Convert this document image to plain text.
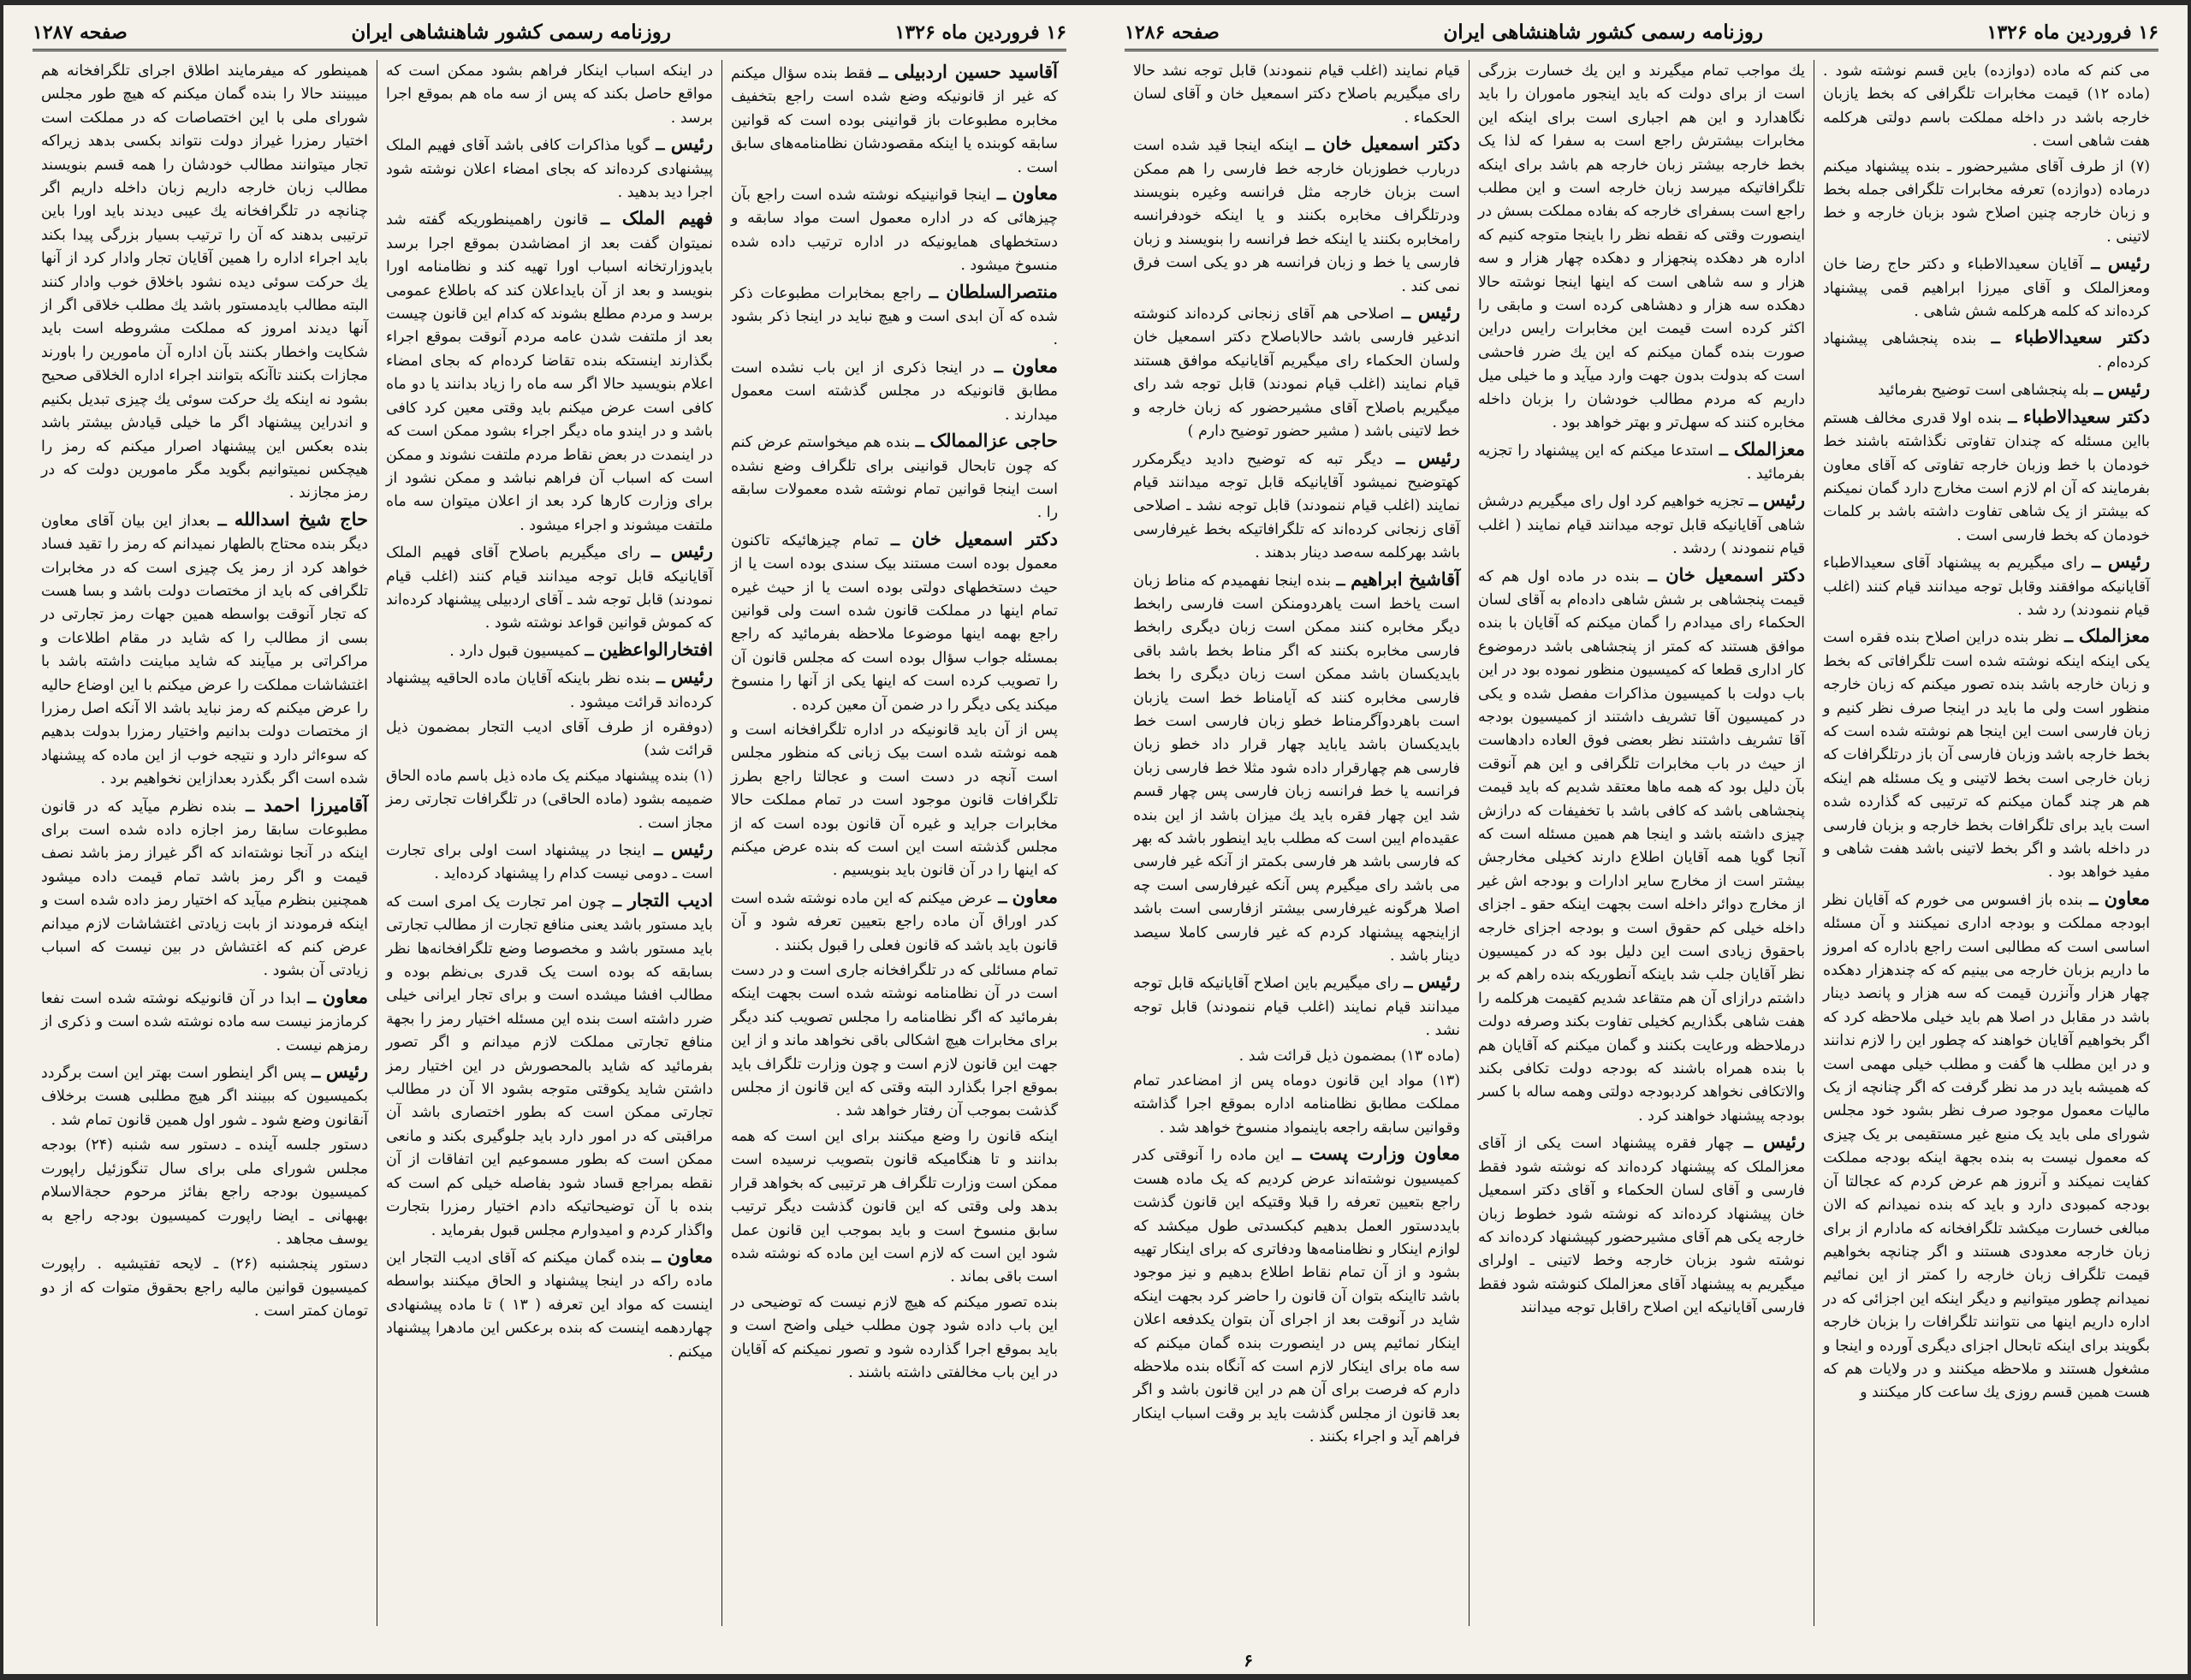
صفحه ۱۲۸۶	روزنامه رسمی کشور شاهنشاهی ایران	۱۶ فروردین ماه ۱۳۲۶

می کنم که ماده (دوازده) باین قسم نوشته شود . (ماده ۱۲) قیمت مخابرات تلگرافی که بخط یازبان خارجه باشد در داخله مملکت باسم دولتی هرکلمه هفت شاهی است .

(۷) از طرف آقای مشیرحضور ـ بنده پیشنهاد میکنم درماده (دوازده) تعرفه مخابرات تلگرافی جمله بخط و زبان خارجه چنین اصلاح شود بزبان خارجه و خط لاتینی .

رئیس ــ آقایان سعیدالاطباء و دکتر حاج رضا خان ومعزالملک و آقای میرزا ابراهیم قمی پیشنهاد کرده‌اند که کلمه هرکلمه شش شاهی .

دکتر سعیدالاطباء ــ بنده پنجشاهی پیشنهاد کرده‌ام .

رئیس ــ بله پنجشاهی است توضیح بفرمائید

دکتر سعیدالاطباء ــ بنده اولا قدری مخالف هستم بااین مسئله که چندان تفاوتی نگذاشته باشند خط خودمان با خط وزبان خارجه تفاوتی که آقای معاون بفرمایند که آن ام لازم است مخارج دارد گمان نمیکنم که بیشتر از یک شاهی تفاوت داشته باشد بر کلمات خودمان که بخط فارسی است .

رئیس ــ رای میگیریم به پیشنهاد آقای سعیدالاطباء آقایانیکه موافقند وقابل توجه میدانند قیام کنند (اغلب قیام ننمودند) رد شد .

معزالملک ــ نظر بنده دراین اصلاح بنده فقره است یکی اینکه اینکه نوشته شده است تلگرافاتی که بخط و زبان خارجه باشد بنده تصور میکنم که زبان خارجه منظور است ولی ما باید در اینجا صرف نظر کنیم و زبان فارسی است این اینجا هم نوشته شده است که بخط خارجه باشد وزبان فارسی آن باز درتلگرافات که زبان خارجی است بخط لاتینی و یک مسئله هم اینکه هم هر چند گمان میکنم که ترتیبی که گذارده شده است باید برای تلگرافات بخط خارجه و بزبان فارسی در داخله باشد و اگر بخط لاتینی باشد هفت شاهی و مفید خواهد بود .

معاون ــ بنده باز افسوس می خورم که آقایان نظر ابودجه مملکت و بودجه اداری نمیکنند و آن مسئله اساسی است که مطالبی است راجع باداره که امروز ما داریم بزبان خارجه می بینیم که که چندهزار دهکده چهار هزار وآنزرن قیمت که سه هزار و پانصد دینار باشد در مقابل در اصلا هم باید خیلی ملاحظه کرد که اگر بخواهیم آقایان خواهند که چطور این را لازم ندانند و در این مطلب ها گفت و مطلب خیلی مهمی است که همیشه باید در مد نظر گرفت که اگر چنانچه از یک مالیات معمول موجود صرف نظر بشود خود مجلس شورای ملی باید یک منبع غیر مستقیمی بر یک چیزی که معمول نیست به بنده بجهة اینکه بودجه مملکت کفایت نمیکند و آنروز هم عرض کردم که عجالتا آن بودجه کمبودی دارد و باید که بنده نمیدانم که الان مبالغی خسارت میکشد تلگرافخانه که مادارم از برای زبان خارجه معدودی هستند و اگر چنانچه بخواهیم قیمت تلگراف زبان خارجه را کمتر از این نمائیم نمیدانم چطور میتوانیم و دیگر اینکه این اجزائی که در اداره داریم اینها می نتوانند تلگرافات را بزبان خارجه بگویند برای اینکه تابحال اجزای دیگری آورده و اینجا و مشغول هستند و ملاحظه میکنند و در ولایات هم که هست همین قسم روزی یك ساعت کار میکنند و

یك مواجب تمام میگیرند و این یك خسارت بزرگی است از برای دولت که باید اینجور ماموران را باید نگاهدارد و این هم اجباری است برای اینکه این مخابرات بیشترش راجع است به سفرا که لذا یک بخط خارجه بیشتر زبان خارجه هم باشد برای اینکه تلگرافاتیکه میرسد زبان خارجه است و این مطلب راجع است بسفرای خارجه که بفاده مملکت بسش در اینصورت وقتی که نقطه نظر را باینجا متوجه کنیم که اداره هر دهکده پنجهزار و دهکده چهار هزار و سه هزار و سه شاهی است که اینها اینجا نوشته حالا دهکده سه هزار و دهشاهی کرده است و مابقی را اکثر کرده است قیمت این مخابرات رایس دراین صورت بنده گمان میکنم که این یك ضرر فاحشی است که بدولت بدون جهت وارد میآید و ما خیلی میل داریم که مردم مطالب خودشان را بزبان داخله مخابره کنند که سهل‌تر و بهتر خواهد بود .

معزالملک ــ استدعا میکنم که این پیشنهاد را تجزیه بفرمائید .

رئیس ــ تجزیه خواهیم کرد اول رای میگیریم درشش شاهی آقایانیکه قابل توجه میدانند قیام نمایند ( اغلب قیام ننمودند ) ردشد .

دکتر اسمعیل خان ــ بنده در ماده اول هم که قیمت پنجشاهی بر شش شاهی داده‌ام به آقای لسان الحکماء رای میدادم را گمان میکنم که آقایان با بنده موافق هستند که کمتر از پنجشاهی باشد درموضوع کار اداری قطعا که کمیسیون منظور نموده بود در این باب دولت با کمیسیون مذاکرات مفصل شده و یکی در کمیسیون آقا تشریف داشتند از کمیسیون بودجه آقا تشریف داشتند نظر بعضی فوق العاده دادهاست از حیث در باب مخابرات تلگرافی و این هم آنوقت بآن دلیل بود که همه ماها معتقد شدیم که باید قیمت پنجشاهی باشد که کافی باشد با تخفیفات که درازش چیزی داشته باشد و اینجا هم همین مسئله است که آنجا گویا همه آقایان اطلاع دارند کخیلی مخارجش بیشتر است از مخارج سایر ادارات و بودجه اش غیر از مخارج دوائر داخله است بجهت اینکه حقو ـ اجزای داخله خیلی کم حقوق است و بودجه اجزای خارجه باحقوق زیادی است این دلیل بود که در کمیسیون نظر آقایان جلب شد باینکه آنطوریکه بنده راهم که بر داشتم درازای آن هم متقاعد شدیم کقیمت هرکلمه را هفت شاهی بگذاریم کخیلی تفاوت بکند وصرفه دولت درملاحظه ورعایت بکنند و گمان میکنم که آقایان هم با بنده همراه باشند که بودجه دولت تکافی بکند والاتکافی نخواهد کردبودجه دولتی وهمه ساله با کسر بودجه پیشنهاد خواهند کرد .

رئیس ــ چهار فقره پیشنهاد است یکی از آقای معزالملک که پیشنهاد کرده‌اند که نوشته شود فقط فارسی و آقای لسان الحکماء و آقای دکتر اسمعیل خان پیشنهاد کرده‌اند که نوشته شود خطوط زبان خارجه یکی هم آقای مشیرحضور کپیشنهاد کرده‌اند که نوشته شود بزبان خارجه وخط لاتینی ـ اولرای میگیریم به پیشنهاد آقای معزالملک کنوشته شود فقط فارسی آقایانیکه این اصلاح راقابل توجه میدانند

قیام نمایند (اغلب قیام ننمودند) قابل توجه نشد حالا رای میگیریم باصلاح دکتر اسمعیل خان و آقای لسان الحکماء .

دکتر اسمعیل خان ــ اینکه اینجا قید شده است دربارب خطوزبان خارجه خط فارسی را هم ممکن است بزبان خارجه مثل فرانسه وغیره بنویسند ودرتلگراف مخابره بکنند و یا اینکه خودفرانسه رامخابره بکنند یا اینکه خط فرانسه را بنویسند و زبان فارسی یا خط و زبان فرانسه هر دو یکی است فرق نمی کند .

رئیس ــ اصلاحی هم آقای زنجانی کرده‌اند کنوشته اندغیر فارسی باشد حالاباصلاح دکتر اسمعیل خان ولسان الحکماء رای میگیریم آقایانیکه موافق هستند قیام نمایند (اغلب قیام نمودند) قابل توجه شد رای میگیریم باصلاح آقای مشیرحضور که زبان خارجه و خط لاتینی باشد ( مشیر حضور توضیح دارم )

رئیس ــ دیگر تبه که توضیح دادید دیگرمکرر کهتوضیح نمیشود آقایانیکه قابل توجه میدانند قیام نمایند (اغلب قیام ننمودند) قابل توجه نشد ـ اصلاحی آقای زنجانی کرده‌اند که تلگرافاتیکه بخط غیرفارسی باشد بهرکلمه سه‌صد دینار بدهند .

آقاشیخ ابراهیم ــ بنده اینجا نفهمیدم که مناط زبان است یاخط است یاهردومنکن است فارسی رابخط دیگر مخابره کنند ممکن است زبان دیگری رابخط فارسی مخابره بکنند که اگر مناط بخط باشد باقی بایدیکسان باشد ممکن است زبان دیگری را بخط فارسی مخابره کنند که آیامناط خط است یازبان است باهردوآگرمناط خطو زبان فارسی است خط بایدیکسان باشد یاباید چهار قرار داد خطو زبان فارسی هم چهارقرار داده شود مثلا خط فارسی زبان فرانسه یا خط فرانسه زبان فارسی پس چهار قسم شد این چهار فقره باید یك میزان باشد از این بنده عقیده‌ام ایبن است که مطلب باید اینطور باشد که بهر که فارسی باشد هر فارسی بکمتر از آنکه غیر فارسی می باشد رای میگیرم پس آنکه غیرفارسی است چه اصلا هرگونه غیرفارسی بیشتر ازفارسی است باشد ازاینجهه پیشنهاد کردم که غیر فارسی کاملا سیصد دینار باشد .

رئیس ــ رای میگیریم باین اصلاح آقایانیکه قابل توجه میدانند قیام نمایند (اغلب قیام ننمودند) قابل توجه نشد .

(ماده ۱۳) بمضمون ذیل قرائت شد .

(۱۳) مواد این قانون دوماه پس از امضاعدر تمام مملکت مطابق نظامنامه اداره بموقع اجرا گذاشته وقوانین سابقه راجعه باینمواد منسوخ خواهد شد .

معاون وزارت پست ــ این ماده را آنوقتی کدر کمیسیون نوشته‌اند عرض کردیم که یک ماده هست راجع بتعیین تعرفه را قبلا وقتیکه این قانون گذشت بایددستور العمل بدهیم کبکسدتی طول میکشد که لوازم اینکار و نظامنامه‌ها ودفاتری که برای اینکار تهیه بشود و از آن تمام نقاط اطلاع بدهیم و نیز موجود باشد تااینکه بتوان آن قانون را حاضر کرد بجهت اینکه شاید در آنوقت بعد از اجرای آن بتوان یکدفعه اعلان اینکار نمائیم پس در اینصورت بنده گمان میکنم که سه ماه برای اینکار لازم است که آنگاه بنده ملاحظه دارم که فرصت برای آن هم در این قانون باشد و اگر بعد قانون از مجلس گذشت باید بر وقت اسباب اینکار فراهم آید و اجراء بکنند .

۶
صفحه ۱۲۸۷	روزنامه رسمی کشور شاهنشاهی ایران	۱۶ فروردین ماه ۱۳۲۶

آقاسید حسین اردبیلی ــ فقط بنده سؤال میکنم که غیر از قانونیکه وضع شده است راجع بتخفیف مخابره مطبوعات باز قوانینی بوده است که قوانین سابقه کوبنده یا اینکه مقصودشان نظامنامه‌های سابق است .

معاون ــ اینجا قوانینیکه نوشته شده است راجع بآن چیزهائی که در اداره معمول است مواد سابقه و دستخطهای همایونیکه در اداره ترتیب داده شده منسوخ میشود .

منتصرالسلطان ــ راجع بمخابرات مطبوعات ذکر شده که آن ابدی است و هیچ نباید در اینجا ذکر بشود .

معاون ــ در اینجا ذکری از این باب نشده است مطابق قانونیکه در مجلس گذشته است معمول میدارند .

حاجی عزالممالک ــ بنده هم میخواستم عرض کنم که چون تابحال قوانینی برای تلگراف وضع نشده است اینجا قوانین تمام نوشته شده معمولات سابقه را .

دکتر اسمعیل خان ــ تمام چیزهائیکه تاکنون معمول بوده است مستند بیک سندی بوده است یا از حیث دستخطهای دولتی بوده است یا از حیث غیره تمام اینها در مملکت قانون شده است ولی قوانین راجع بهمه اینها موضوعا ملاحظه بفرمائید که راجع بمسئله جواب سؤال بوده است که مجلس قانون آن را تصویب کرده است که اینها یکی از آنها را منسوخ میکند یکی دیگر را در ضمن آن معین کرده .

پس از آن باید قانونیکه در اداره تلگرافخانه است و همه نوشته شده است بیک زبانی که منظور مجلس است آنچه در دست است و عجالتا راجع بطرز تلگرافات قانون موجود است در تمام مملکت حالا مخابرات جراید و غیره آن قانون بوده است که از مجلس گذشته است این است که بنده عرض میکنم که اینها را در آن قانون باید بنویسیم .

معاون ــ عرض میکنم که این ماده نوشته شده است کدر اوراق آن ماده راجع بتعیین تعرفه شود و آن قانون باید باشد که قانون فعلی را قبول بکنند .

تمام مسائلی که در تلگرافخانه جاری است و در دست است در آن نظامنامه نوشته شده است بجهت اینکه بفرمائید که اگر نظامنامه را مجلس تصویب کند دیگر برای مخابرات هیچ اشکالی باقی نخواهد ماند و از این جهت این قانون لازم است و چون وزارت تلگراف باید بموقع اجرا بگذارد البته وقتی که این قانون از مجلس گذشت بموجب آن رفتار خواهد شد .

اینکه قانون را وضع میکنند برای این است که همه بدانند و تا هنگامیکه قانون بتصویب نرسیده است ممکن است وزارت تلگراف هر ترتیبی که بخواهد قرار بدهد ولی وقتی که این قانون گذشت دیگر ترتیب سابق منسوخ است و باید بموجب این قانون عمل شود این است که لازم است این ماده که نوشته شده است باقی بماند .

بنده تصور میکنم که هیچ لازم نیست که توضیحی در این باب داده شود چون مطلب خیلی واضح است و باید بموقع اجرا گذارده شود و تصور نمیکنم که آقایان در این باب مخالفتی داشته باشند .

در اینکه اسباب اینکار فراهم بشود ممکن است که مواقع حاصل بکند که پس از سه ماه هم بموقع اجرا برسد .

رئیس ــ گویا مذاکرات کافی باشد آقای فهیم الملک پیشنهادی کرده‌اند که بجای امضاء اعلان نوشته شود اجرا دید بدهید .

فهیم الملک ــ قانون راهمینطوریکه گفته شد نمیتوان گفت بعد از امضاشدن بموقع اجرا برسد بایدوزارتخانه اسباب اورا تهیه کند و نظامنامه اورا بنویسد و بعد از آن بایداعلان کند که باطلاع عمومی برسد و مردم مطلع بشوند که کدام این قانون چیست بعد از ملتفت شدن عامه مردم آنوقت بموقع اجراء بگذارند اینستکه بنده تقاضا کرده‌ام که بجای امضاء اعلام بنویسید حالا اگر سه ماه را زیاد بدانند یا دو ماه کافی است عرض میکنم باید وقتی معین کرد کافی باشد و در ایندو ماه دیگر اجراء بشود ممکن است که در اینمدت در بعض نقاط مردم ملتفت نشوند و ممکن است که اسباب آن فراهم نباشد و ممکن نشود از برای وزارت کارها کرد بعد از اعلان میتوان سه ماه ملتفت میشوند و اجراء میشود .

رئیس ــ رای میگیریم باصلاح آقای فهیم الملک آقایانیکه قابل توجه میدانند قیام کنند (اغلب قیام نمودند) قابل توجه شد ـ آقای اردبیلی پیشنهاد کرده‌اند که کموش قوانین قواعد نوشته شود .

افتخارالواعظین ــ کمیسیون قبول دارد .

رئیس ــ بنده نظر باینکه آقایان ماده الحاقیه پیشنهاد کرده‌اند قرائت میشود .

(دوفقره از طرف آقای ادیب التجار بمضمون ذیل قرائت شد)

(۱) بنده پیشنهاد میکنم یک ماده ذیل باسم ماده الحاق ضمیمه بشود (ماده الحاقی) در تلگرافات تجارتی رمز مجاز است .

رئیس ــ اینجا در پیشنهاد است اولی برای تجارت است ـ دومی نیست کدام را پیشنهاد کرده‌اید .

ادیب التجار ــ چون امر تجارت یک امری است که باید مستور باشد یعنی منافع تجارت از مطالب تجارتی باید مستور باشد و مخصوصا وضع تلگرافخانه‌ها نظر بسابقه که بوده است یک قدری بی‌نظم بوده و مطالب افشا میشده است و برای تجار ایرانی خیلی ضرر داشته است بنده این مسئله اختیار رمز را بجهة منافع تجارتی مملکت لازم میدانم و اگر تصور بفرمائید که شاید بالمحصورش در این اختیار رمز داشتن شاید یکوقتی متوجه بشود الا آن در مطالب تجارتی ممکن است که بطور اختصاری باشد آن مراقبتی که در امور دارد باید جلوگیری بکند و مانعی ممکن است که بطور مسموعیم این اتفاقات از آن نقطه بمراجع قساد شود بفاصله خیلی کم است که بنده با آن توضیحاتیکه دادم اختیار رمزرا بتجارت واگذار کردم و امیدوارم مجلس قبول بفرماید .

معاون ــ بنده گمان میکنم که آقای ادیب التجار این ماده راکه در اینجا پیشنهاد و الحاق میکنند بواسطه اینست که مواد این تعرفه ( ۱۳ ) تا ماده پیشنهادی چهاردهمه اینست که بنده برعکس این مادهرا پیشنهاد میکنم .

همینطور که میفرمایند اطلاق اجرای تلگرافخانه هم میبینند حالا را بنده گمان میکنم که هیچ طور مجلس شورای ملی با این اختصاصات که در مملکت است اختیار رمزرا غیراز دولت نتواند بکسی بدهد زیراکه تجار میتوانند مطالب خودشان را همه قسم بنویسند مطالب زبان خارجه داریم زبان داخله داریم اگر چنانچه در تلگرافخانه یك عیبی دیدند باید اورا باین ترتیبی بدهند که آن را ترتیب بسیار بزرگی پیدا بکند باید اجراء اداره را همین آقایان تجار وادار کرد از آنها یك حرکت سوئی دیده نشود باخلاق خوب وادار کنند البته مطالب بایدمستور باشد یك مطلب خلاقی اگر از آنها دیدند امروز که مملکت مشروطه است باید شکایت واخطار بکنند بآن اداره آن مامورین را باورند مجازات بکنند تاآنکه بتوانند اجراء اداره الخلاقی صحیح بشود نه اینکه یك حرکت سوئی یك چیزی تبدیل بکنیم و اندراین پیشنهاد اگر ما خیلی قیادش بیشتر باشد بنده بعکس این پیشنهاد اصرار میکنم که رمز را هیچکس نمیتوانیم بگوید مگر مامورین دولت که در رمز مجازند .

حاج شیخ اسدالله ــ بعداز این بیان آقای معاون دیگر بنده محتاج بالطهار نمیدانم که رمز را تقید فساد خواهد کرد از رمز یک چیزی است که در مخابرات تلگرافی که باید از مختصات دولت باشد و بسا هست که تجار آنوقت بواسطه همین جهات رمز تجارتی در بسی از مطالب را که شاید در مقام اطلاعات و مراکراتی بر میآیند که شاید مباینت داشته باشد با اغتشاشات مملکت را عرض میکنم با این اوضاع حالیه را عرض میکنم که رمز نباید باشد الا آنکه اصل رمزرا از مختصات دولت بدانیم واختیار رمزرا بدولت بدهیم که سوءاثر دارد و نتیجه خوب از این ماده که پیشنهاد شده است اگر بگذرد بعدازاین نخواهیم برد .

آقامیرزا احمد ــ بنده نظرم میآید که در قانون مطبوعات سابقا رمز اجازه داده شده است برای اینکه در آنجا نوشته‌اند که اگر غیراز رمز باشد نصف قیمت و اگر رمز باشد تمام قیمت داده میشود همچنین بنظرم میآید که اختیار رمز داده شده است و اینکه فرمودند از بابت زیادتی اغتشاشات لازم میدانم عرض کنم که اغتشاش در بین نیست که اسباب زیادتی آن بشود .

معاون ــ ابدا در آن قانونیکه نوشته شده است نفعا کرمازمز نیست سه ماده نوشته شده است و ذکری از رمزهم نیست .

رئیس ــ پس اگر اینطور است بهتر این است برگردد بکمیسیون که ببینند اگر هیچ مطلبی هست برخلاف آنقانون وضع شود ـ شور اول همین قانون تمام شد .

دستور جلسه آینده ـ دستور سه شنبه (۲۴) بودجه مجلس شورای ملی برای سال تنگوزئیل راپورت کمیسیون بودجه راجع بفائز مرحوم حجةالاسلام بهبهانی ـ ایضا راپورت کمیسیون بودجه راجع به یوسف مجاهد .

دستور پنجشنبه (۲۶) ـ لایحه تفتیشیه . راپورت کمیسیون قوانین مالیه راجع بحقوق متوات که از دو تومان کمتر است .
